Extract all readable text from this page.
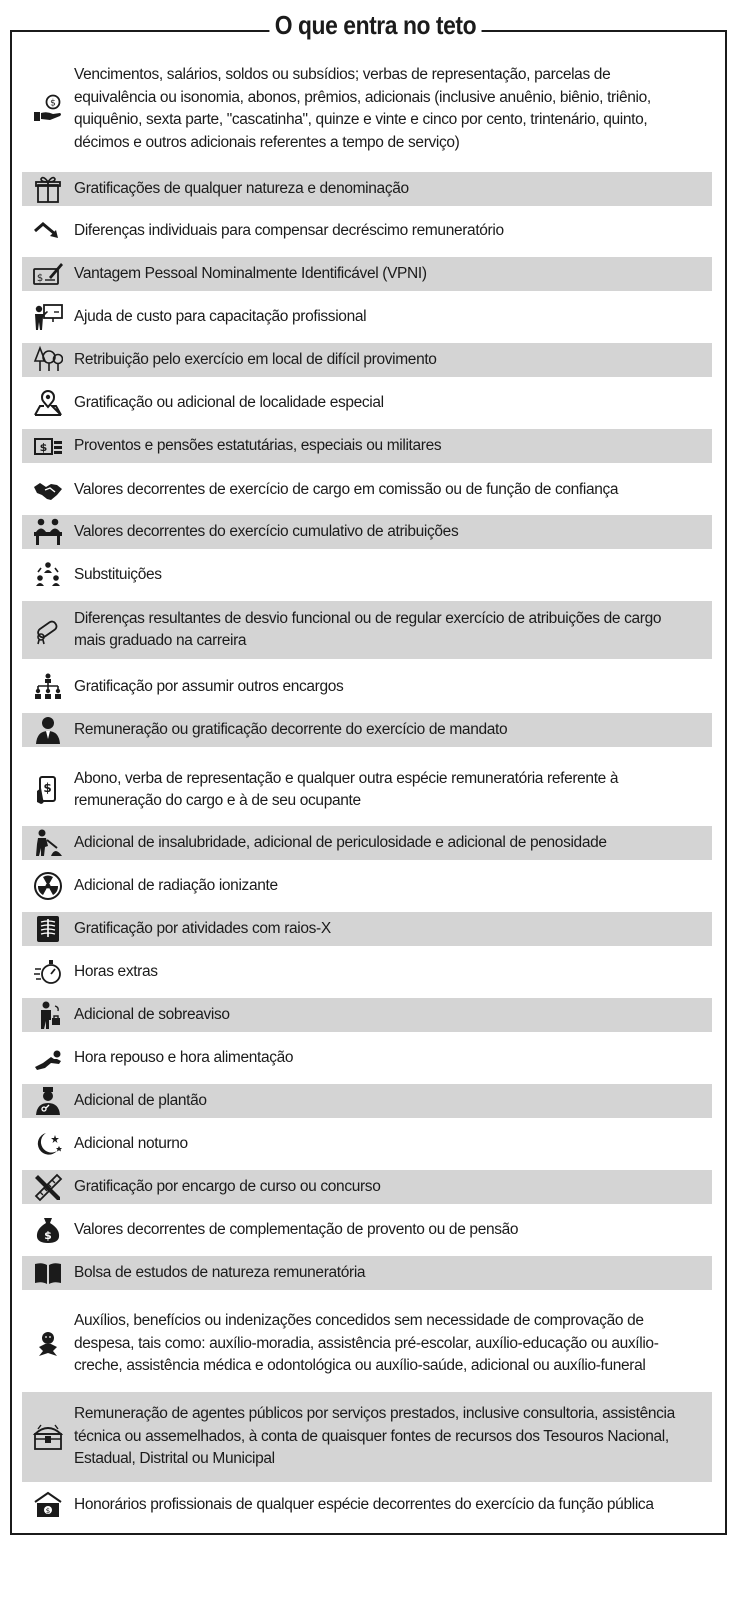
O que entra no teto
$
Vencimentos, salários, soldos ou subsídios; verbas de representação, parcelas de
equivalência ou isonomia, abonos, prêmios, adicionais (inclusive anuênio, biênio, triênio,
quiquênio, sexta parte, "cascatinha", quinze e vinte e cinco por cento, trintenário, quinto,
décimos e outros adicionais referentes a tempo de serviço)
Gratificações de qualquer natureza e denominação
Diferenças individuais para compensar decréscimo remuneratório
$ Vantagem Pessoal Nominalmente Identificável (VPNI)
Ajuda de custo para capacitação profissional
Retribuição pelo exercício em local de difícil provimento
Gratificação ou adicional de localidade especial
$ Proventos e pensões estatutárias, especiais ou militares
Valores decorrentes de exercício de cargo em comissão ou de função de confiança
Valores decorrentes do exercício cumulativo de atribuições
Substituições
Diferenças resultantes de desvio funcional ou de regular exercício de atribuições de cargo
mais graduado na carreira
Gratificação por assumir outros encargos
Remuneração ou gratificação decorrente do exercício de mandato
$
Abono, verba de representação e qualquer outra espécie remuneratória referente à
remuneração do cargo e à de seu ocupante
Adicional de insalubridade, adicional de periculosidade e adicional de penosidade
Adicional de radiação ionizante
Gratificação por atividades com raios-X
Horas extras
Adicional de sobreaviso
Hora repouso e hora alimentação
Adicional de plantão
Adicional noturno
Gratificação por encargo de curso ou concurso
$ Valores decorrentes de complementação de provento ou de pensão
Bolsa de estudos de natureza remuneratória
Auxílios, benefícios ou indenizações concedidos sem necessidade de comprovação de
despesa, tais como: auxílio-moradia, assistência pré-escolar, auxílio-educação ou auxílio-
creche, assistência médica e odontológica ou auxílio-saúde, adicional ou auxílio-funeral
Remuneração de agentes públicos por serviços prestados, inclusive consultoria, assistência
técnica ou assemelhados, à conta de quaisquer fontes de recursos dos Tesouros Nacional,
Estadual, Distrital ou Municipal
$ Honorários profissionais de qualquer espécie decorrentes do exercício da função pública
